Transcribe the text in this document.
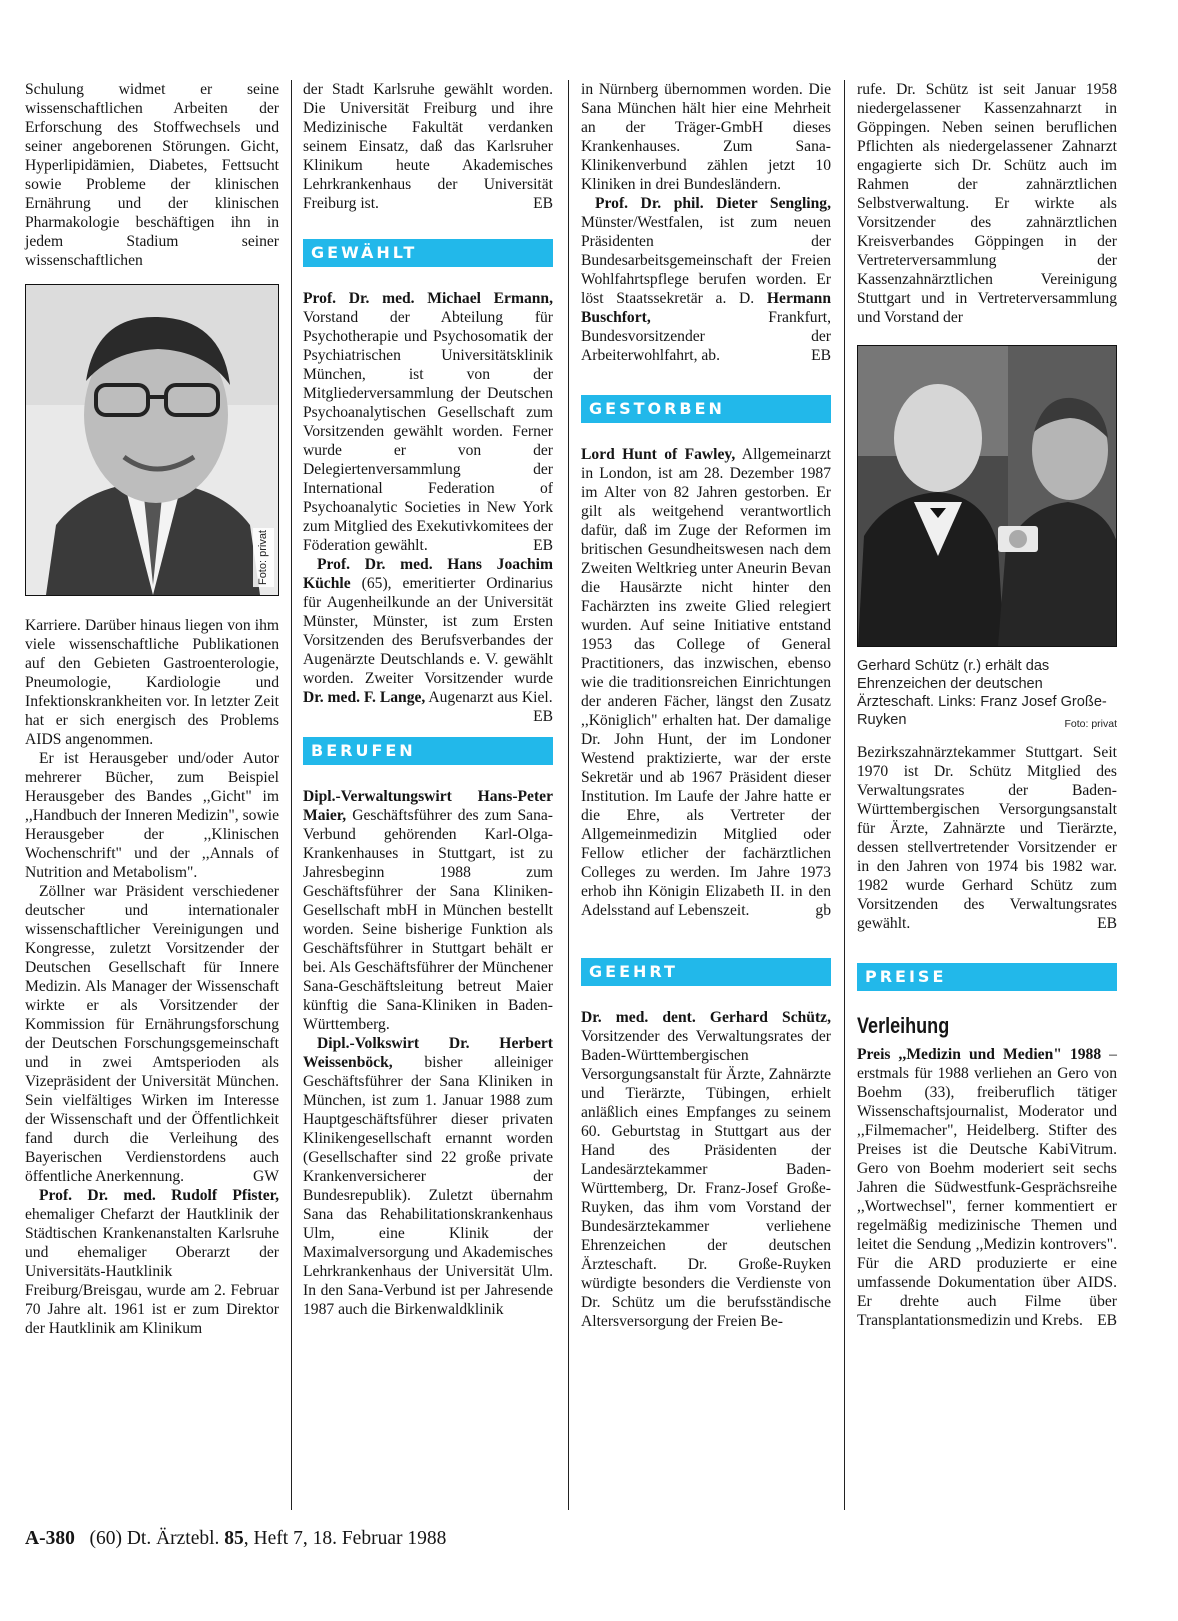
Schulung widmet er seine wissenschaftlichen Arbeiten der Erforschung des Stoffwechsels und seiner angeborenen Störungen. Gicht, Hyperlipidämien, Diabetes, Fettsucht sowie Probleme der klinischen Ernährung und der klinischen Pharmakologie beschäftigen ihn in jedem Stadium seiner wissenschaftlichen

Foto: privat

Karriere. Darüber hinaus liegen von ihm viele wissenschaftliche Publikationen auf den Gebieten Gastroenterologie, Pneumologie, Kardiologie und Infektionskrankheiten vor. In letzter Zeit hat er sich energisch des Problems AIDS angenommen.

Er ist Herausgeber und/oder Autor mehrerer Bücher, zum Beispiel Herausgeber des Bandes ,,Gicht" im ,,Handbuch der Inneren Medizin", sowie Herausgeber der ,,Klinischen Wochenschrift" und der ,,Annals of Nutrition and Metabolism".

Zöllner war Präsident verschiedener deutscher und internationaler wissenschaftlicher Vereinigungen und Kongresse, zuletzt Vorsitzender der Deutschen Gesellschaft für Innere Medizin. Als Manager der Wissenschaft wirkte er als Vorsitzender der Kommission für Ernährungsforschung der Deutschen Forschungsgemeinschaft und in zwei Amtsperioden als Vizepräsident der Universität München. Sein vielfältiges Wirken im Interesse der Wissenschaft und der Öffentlichkeit fand durch die Verleihung des Bayerischen Verdienstordens auch öffentliche Anerkennung.	GW

Prof. Dr. med. Rudolf Pfister, ehemaliger Chefarzt der Hautklinik der Städtischen Krankenanstalten Karlsruhe und ehemaliger Oberarzt der Universitäts-Hautklinik Freiburg/Breisgau, wurde am 2. Februar 70 Jahre alt. 1961 ist er zum Direktor der Hautklinik am Klinikum

der Stadt Karlsruhe gewählt worden. Die Universität Freiburg und ihre Medizinische Fakultät verdanken seinem Einsatz, daß das Karlsruher Klinikum heute Akademisches Lehrkrankenhaus der Universität Freiburg ist.	EB

GEWÄHLT

Prof. Dr. med. Michael Ermann, Vorstand der Abteilung für Psychotherapie und Psychosomatik der Psychiatrischen Universitätsklinik München, ist von der Mitgliederversammlung der Deutschen Psychoanalytischen Gesellschaft zum Vorsitzenden gewählt worden. Ferner wurde er von der Delegiertenversammlung der International Federation of Psychoanalytic Societies in New York zum Mitglied des Exekutivkomitees der Föderation gewählt.	EB

Prof. Dr. med. Hans Joachim Küchle (65), emeritierter Ordinarius für Augenheilkunde an der Universität Münster, Münster, ist zum Ersten Vorsitzenden des Berufsverbandes der Augenärzte Deutschlands e. V. gewählt worden. Zweiter Vorsitzender wurde Dr. med. F. Lange, Augenarzt aus Kiel.
EB

BERUFEN

Dipl.-Verwaltungswirt Hans-Peter Maier, Geschäftsführer des zum Sana-Verbund gehörenden Karl-Olga-Krankenhauses in Stuttgart, ist zu Jahresbeginn 1988 zum Geschäftsführer der Sana Kliniken-Gesellschaft mbH in München bestellt worden. Seine bisherige Funktion als Geschäftsführer in Stuttgart behält er bei. Als Geschäftsführer der Münchener Sana-Geschäftsleitung betreut Maier künftig die Sana-Kliniken in Baden-Württemberg.

Dipl.-Volkswirt Dr. Herbert Weissenböck, bisher alleiniger Geschäftsführer der Sana Kliniken in München, ist zum 1. Januar 1988 zum Hauptgeschäftsführer dieser privaten Klinikengesellschaft ernannt worden (Gesellschafter sind 22 große private Krankenversicherer der Bundesrepublik). Zuletzt übernahm Sana das Rehabilitationskrankenhaus Ulm, eine Klinik der Maximalversorgung und Akademisches Lehrkrankenhaus der Universität Ulm. In den Sana-Verbund ist per Jahresende 1987 auch die Birkenwaldklinik

in Nürnberg übernommen worden. Die Sana München hält hier eine Mehrheit an der Träger-GmbH dieses Krankenhauses. Zum Sana-Klinikenverbund zählen jetzt 10 Kliniken in drei Bundesländern.

Prof. Dr. phil. Dieter Sengling, Münster/Westfalen, ist zum neuen Präsidenten der Bundesarbeitsgemeinschaft der Freien Wohlfahrtspflege berufen worden. Er löst Staatssekretär a. D. Hermann Buschfort, Frankfurt, Bundesvorsitzender der Arbeiterwohlfahrt, ab.	EB

GESTORBEN

Lord Hunt of Fawley, Allgemeinarzt in London, ist am 28. Dezember 1987 im Alter von 82 Jahren gestorben. Er gilt als weitgehend verantwortlich dafür, daß im Zuge der Reformen im britischen Gesundheitswesen nach dem Zweiten Weltkrieg unter Aneurin Bevan die Hausärzte nicht hinter den Fachärzten ins zweite Glied relegiert wurden. Auf seine Initiative entstand 1953 das College of General Practitioners, das inzwischen, ebenso wie die traditionsreichen Einrichtungen der anderen Fächer, längst den Zusatz ,,Königlich" erhalten hat. Der damalige Dr. John Hunt, der im Londoner Westend praktizierte, war der erste Sekretär und ab 1967 Präsident dieser Institution. Im Laufe der Jahre hatte er die Ehre, als Vertreter der Allgemeinmedizin Mitglied oder Fellow etlicher der fachärztlichen Colleges zu werden. Im Jahre 1973 erhob ihn Königin Elizabeth II. in den Adelsstand auf Lebenszeit.	gb

GEEHRT

Dr. med. dent. Gerhard Schütz, Vorsitzender des Verwaltungsrates der Baden-Württembergischen Versorgungsanstalt für Ärzte, Zahnärzte und Tierärzte, Tübingen, erhielt anläßlich eines Empfanges zu seinem 60. Geburtstag in Stuttgart aus der Hand des Präsidenten der Landesärztekammer Baden-Württemberg, Dr. Franz-Josef Große-Ruyken, das ihm vom Vorstand der Bundesärztekammer verliehene Ehrenzeichen der deutschen Ärzteschaft. Dr. Große-Ruyken würdigte besonders die Verdienste von Dr. Schütz um die berufsständische Altersversorgung der Freien Be-

rufe. Dr. Schütz ist seit Januar 1958 niedergelassener Kassenzahnarzt in Göppingen. Neben seinen beruflichen Pflichten als niedergelassener Zahnarzt engagierte sich Dr. Schütz auch im Rahmen der zahnärztlichen Selbstverwaltung. Er wirkte als Vorsitzender des zahnärztlichen Kreisverbandes Göppingen in der Vertreterversammlung der Kassenzahnärztlichen Vereinigung Stuttgart und in Vertreterversammlung und Vorstand der

Gerhard Schütz (r.) erhält das Ehrenzeichen der deutschen Ärzteschaft. Links: Franz Josef Große-Ruyken	Foto: privat

Bezirkszahnärztekammer Stuttgart. Seit 1970 ist Dr. Schütz Mitglied des Verwaltungsrates der Baden-Württembergischen Versorgungsanstalt für Ärzte, Zahnärzte und Tierärzte, dessen stellvertretender Vorsitzender er in den Jahren von 1974 bis 1982 war. 1982 wurde Gerhard Schütz zum Vorsitzenden des Verwaltungsrates gewählt.	EB

PREISE
Verleihung

Preis ,,Medizin und Medien" 1988 – erstmals für 1988 verliehen an Gero von Boehm (33), freiberuflich tätiger Wissenschaftsjournalist, Moderator und ,,Filmemacher", Heidelberg. Stifter des Preises ist die Deutsche KabiVitrum. Gero von Boehm moderiert seit sechs Jahren die Südwestfunk-Gesprächsreihe ,,Wortwechsel", ferner kommentiert er regelmäßig medizinische Themen und leitet die Sendung ,,Medizin kontrovers". Für die ARD produzierte er eine umfassende Dokumentation über AIDS. Er drehte auch Filme über Transplantationsmedizin und Krebs. EB

A-380 (60) Dt. Ärztebl. 85, Heft 7, 18. Februar 1988
